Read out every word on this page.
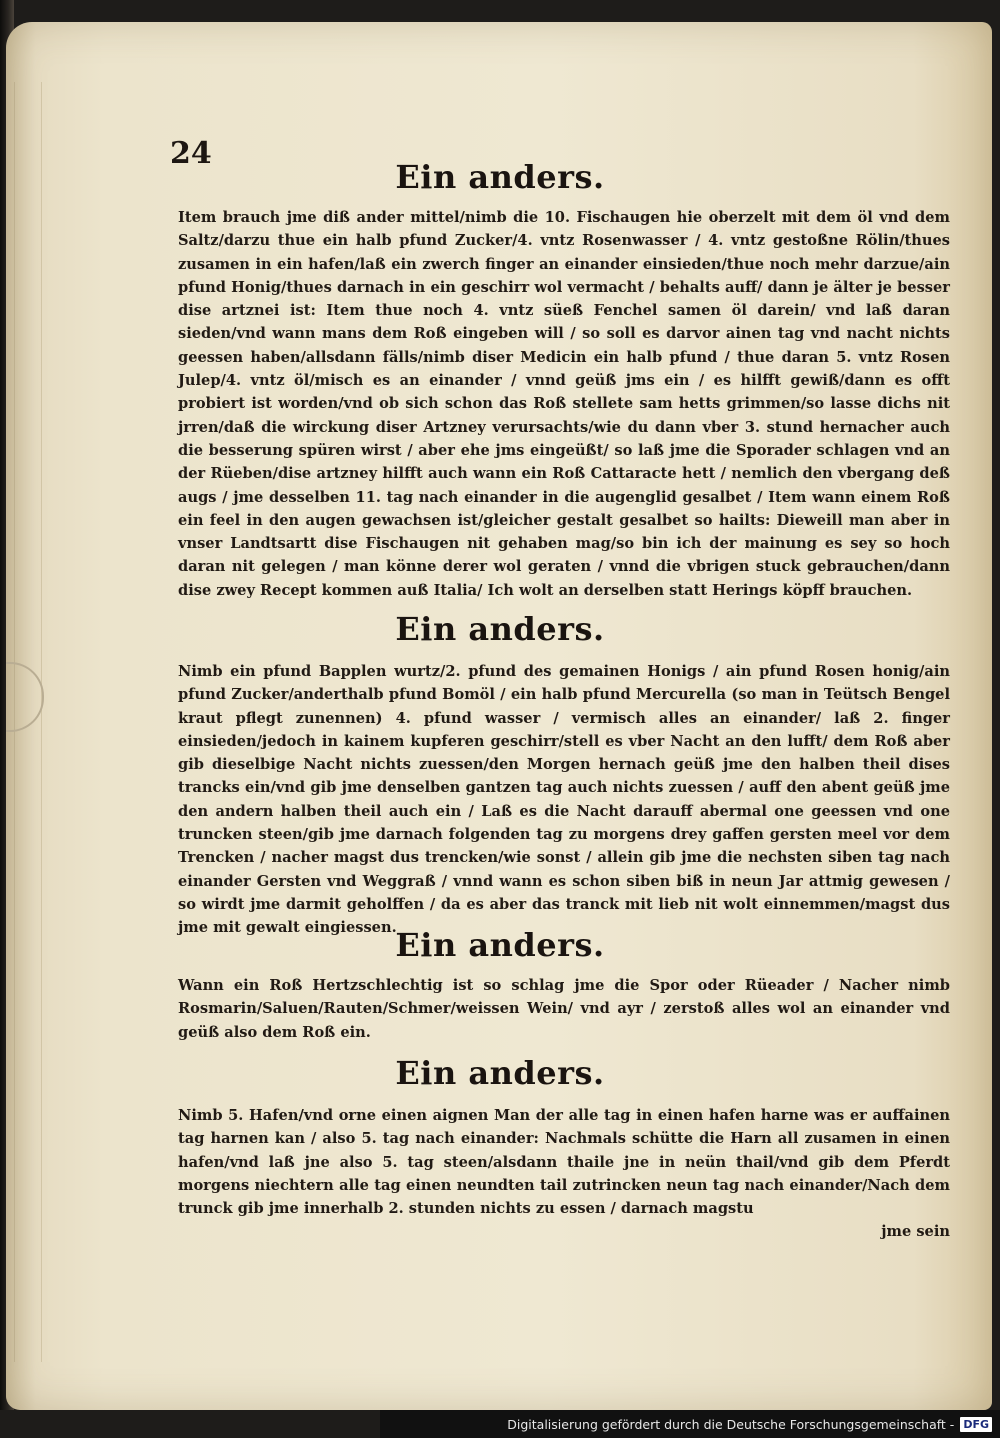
24
Ein anders.
Item brauch jme diß ander mittel/nimb die 10. Fischaugen hie oberzelt mit dem öl vnd dem Saltz/darzu thue ein halb pfund Zucker/4. vntz Rosenwasser / 4. vntz gestoßne Rölin/thues zusamen in ein hafen/laß ein zwerch finger an einander einsieden/thue noch mehr darzue/ain pfund Honig/thues darnach in ein geschirr wol vermacht / behalts auff/ dann je älter je besser dise artznei ist: Item thue noch 4. vntz süeß Fenchel samen öl darein/ vnd laß daran sieden/vnd wann mans dem Roß eingeben will / so soll es darvor ainen tag vnd nacht nichts geessen haben/allsdann fälls/nimb diser Medicin ein halb pfund / thue daran 5. vntz Rosen Julep/4. vntz öl/misch es an einander / vnnd geüß jms ein / es hilfft gewiß/dann es offt probiert ist worden/vnd ob sich schon das Roß stellete sam hetts grimmen/so lasse dichs nit jrren/daß die wirckung diser Artzney verursachts/wie du dann vber 3. stund hernacher auch die besserung spüren wirst / aber ehe jms eingeüßt/ so laß jme die Sporader schlagen vnd an der Rüeben/dise artzney hilfft auch wann ein Roß Cattaracte hett / nemlich den vbergang deß augs / jme desselben 11. tag nach einander in die augenglid gesalbet / Item wann einem Roß ein feel in den augen gewachsen ist/gleicher gestalt gesalbet so hailts: Dieweill man aber in vnser Landtsartt dise Fischaugen nit gehaben mag/so bin ich der mainung es sey so hoch daran nit gelegen / man könne derer wol geraten / vnnd die vbrigen stuck gebrauchen/dann dise zwey Recept kommen auß Italia/ Ich wolt an derselben statt Herings köpff brauchen.
Ein anders.
Nimb ein pfund Bapplen wurtz/2. pfund des gemainen Honigs / ain pfund Rosen honig/ain pfund Zucker/anderthalb pfund Bomöl / ein halb pfund Mercurella (so man in Teütsch Bengel kraut pflegt zunennen) 4. pfund wasser / vermisch alles an einander/ laß 2. finger einsieden/jedoch in kainem kupferen geschirr/stell es vber Nacht an den lufft/ dem Roß aber gib dieselbige Nacht nichts zuessen/den Morgen hernach geüß jme den halben theil dises trancks ein/vnd gib jme denselben gantzen tag auch nichts zuessen / auff den abent geüß jme den andern halben theil auch ein / Laß es die Nacht darauff abermal one geessen vnd one truncken steen/gib jme darnach folgenden tag zu morgens drey gaffen gersten meel vor dem Trencken / nacher magst dus trencken/wie sonst / allein gib jme die nechsten siben tag nach einander Gersten vnd Weggraß / vnnd wann es schon siben biß in neun Jar attmig gewesen / so wirdt jme darmit geholffen / da es aber das tranck mit lieb nit wolt einnemmen/magst dus jme mit gewalt eingiessen.
Ein anders.
Wann ein Roß Hertzschlechtig ist so schlag jme die Spor oder Rüeader / Nacher nimb Rosmarin/Saluen/Rauten/Schmer/weissen Wein/ vnd ayr / zerstoß alles wol an einander vnd geüß also dem Roß ein.
Ein anders.
Nimb 5. Hafen/vnd orne einen aignen Man der alle tag in einen hafen harne was er auffainen tag harnen kan / also 5. tag nach einander: Nachmals schütte die Harn all zusamen in einen hafen/vnd laß jne also 5. tag steen/alsdann thaile jne in neün thail/vnd gib dem Pferdt morgens niechtern alle tag einen neundten tail zutrincken neun tag nach einander/Nach dem trunck gib jme innerhalb 2. stunden nichts zu essen / darnach magstu
jme sein
Digitalisierung gefördert durch die Deutsche Forschungsgemeinschaft - DFG
